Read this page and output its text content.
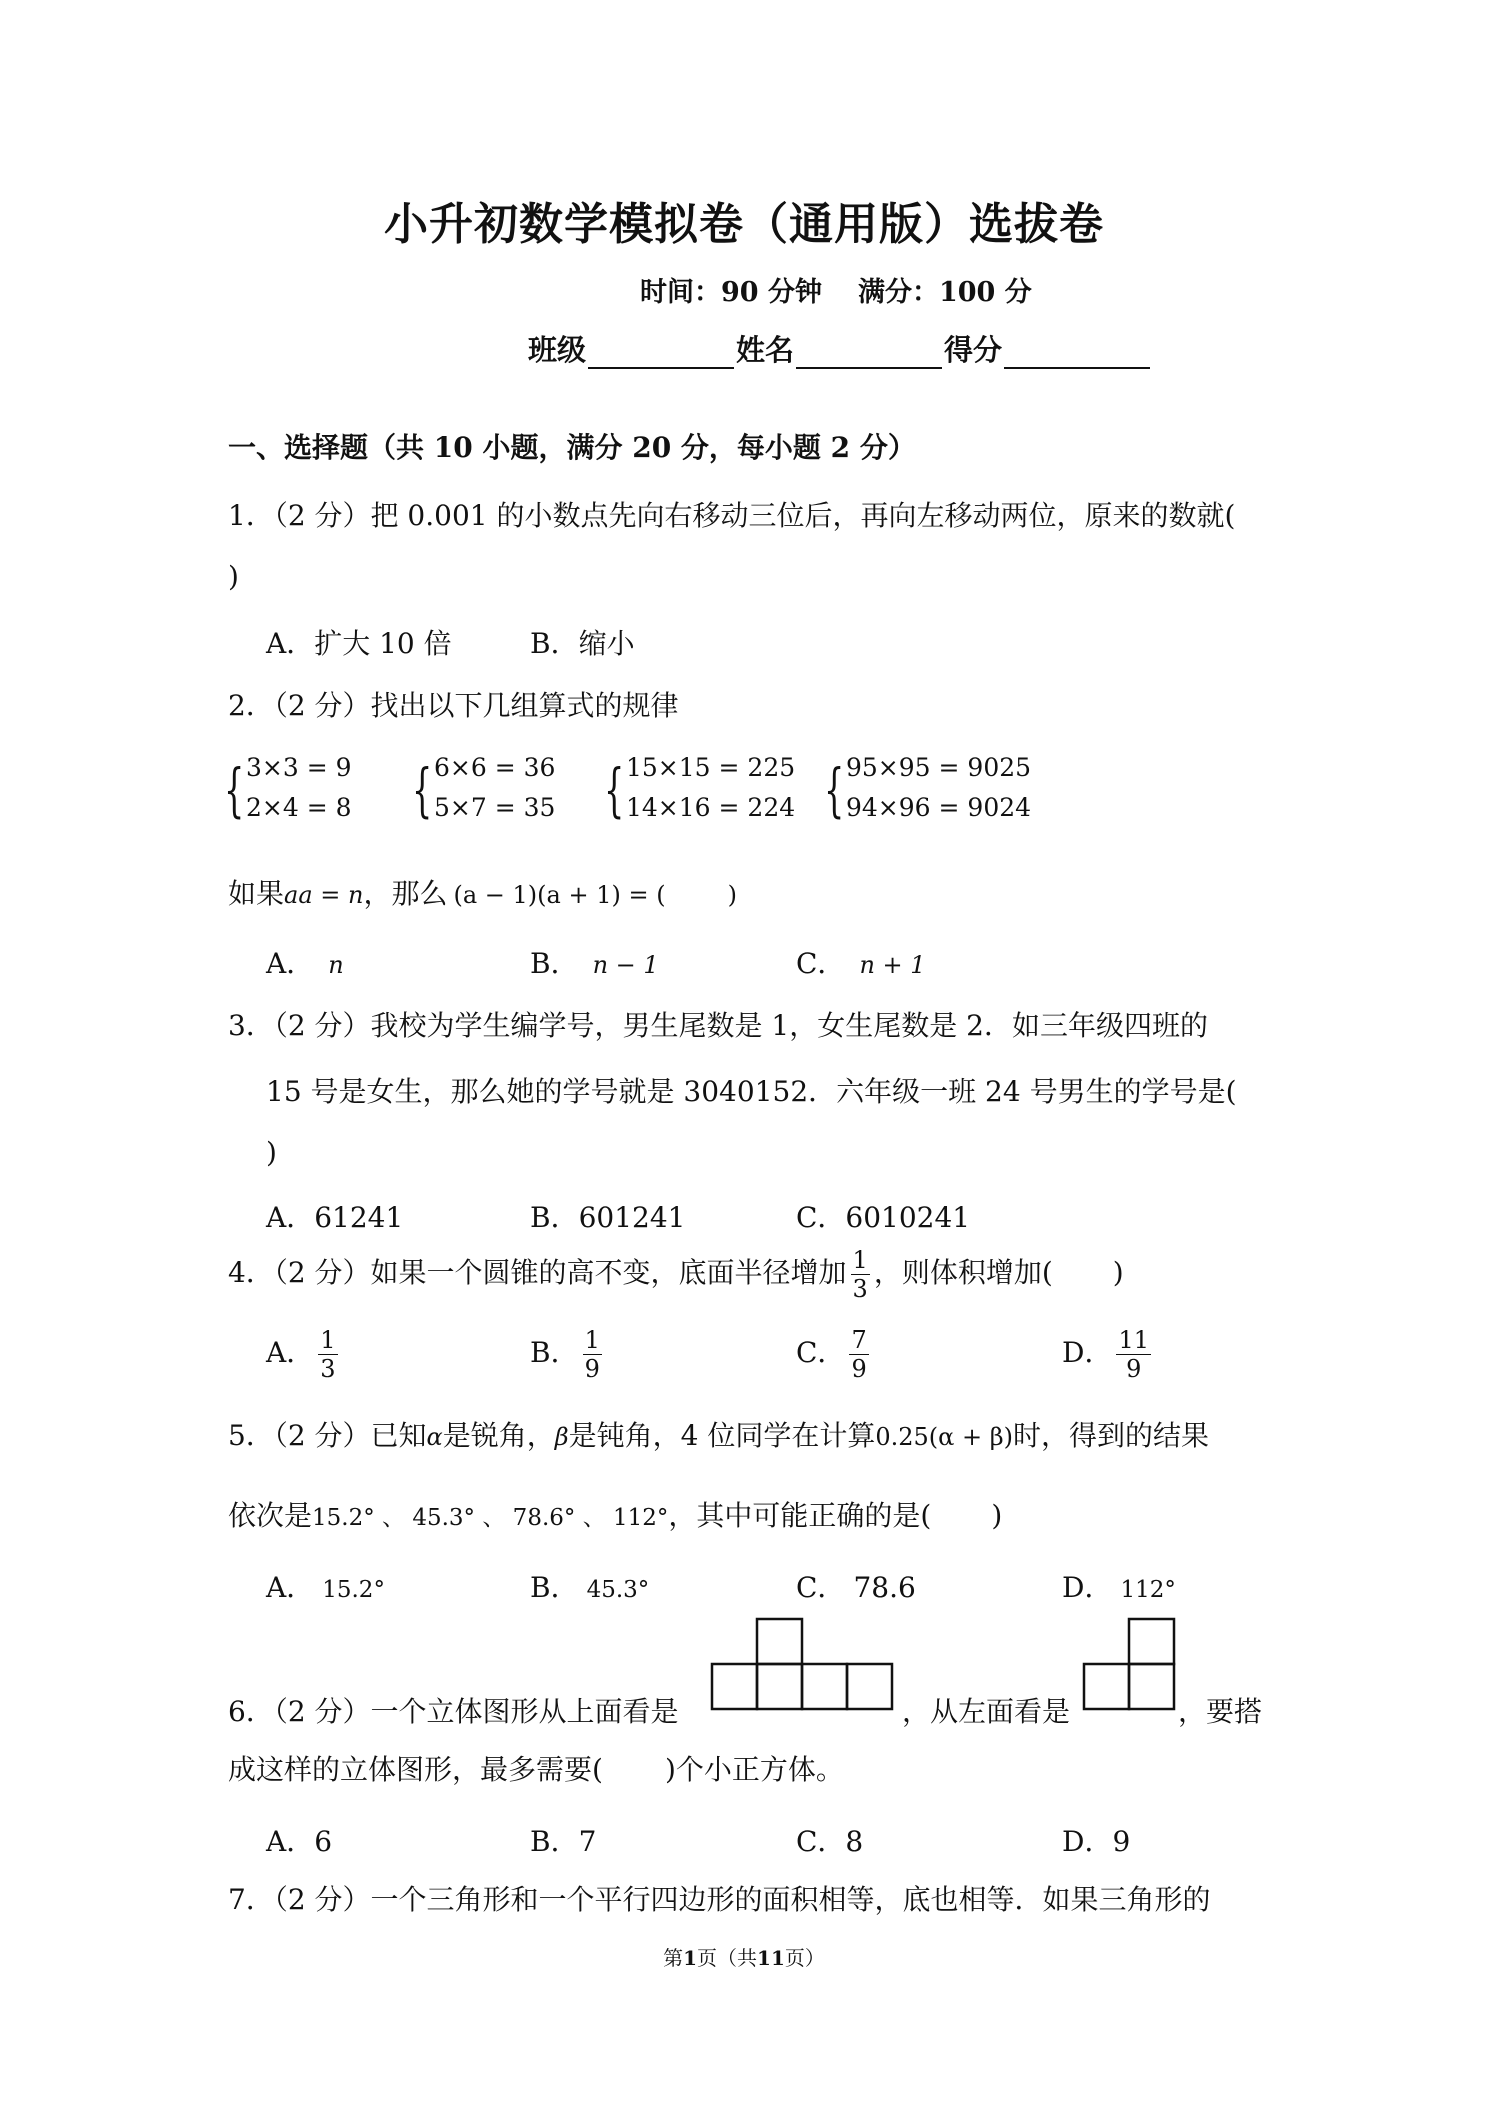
小升初数学模拟卷（通用版）选拔卷
时间：90 分钟 满分：100 分
班级	姓名	得分
一、选择题（共 10 小题，满分 20 分，每小题 2 分）
1．（2 分）把 0.001 的小数点先向右移动三位后，再向左移动两位，原来的数就(
)
A．扩大 10 倍	B．缩小
2．（2 分）找出以下几组算式的规律
{ 3×3 = 9
2×4 = 8 { 6×6 = 36
5×7 = 35 { 15×15 = 225
14×16 = 224 { 95×95 = 9025
94×96 = 9024
如果aa = n，那么 (a − 1)(a + 1) = (	)
A． n	B． n − 1	C． n + 1
3．（2 分）我校为学生编学号，男生尾数是 1，女生尾数是 2．如三年级四班的
15 号是女生，那么她的学号就是 3040152．六年级一班 24 号男生的学号是(
)
A．61241	B．601241	C．6010241
4．（2 分）如果一个圆锥的高不变，底面半径增加 $\frac{1}{3}$ ，则体积增加( )
A． $\frac{1}{3}$	B． $\frac{1}{9}$	C． $\frac{7}{9}$	D． $\frac{11}{9}$
5．（2 分）已知α是锐角，β是钝角，4 位同学在计算0.25(α + β)时，得到的结果
依次是15.2° 、 45.3° 、 78.6° 、 112°，其中可能正确的是( )
A． 15.2°	B． 45.3°	C． 78.6	D． 112°
6．（2 分）一个立体图形从上面看是	，从左面看是	，要搭
成这样的立体图形，最多需要( )个小正方体。
A．6	B．7	C．8	D．9
7．（2 分）一个三角形和一个平行四边形的面积相等，底也相等．如果三角形的
第1页（共11页）
